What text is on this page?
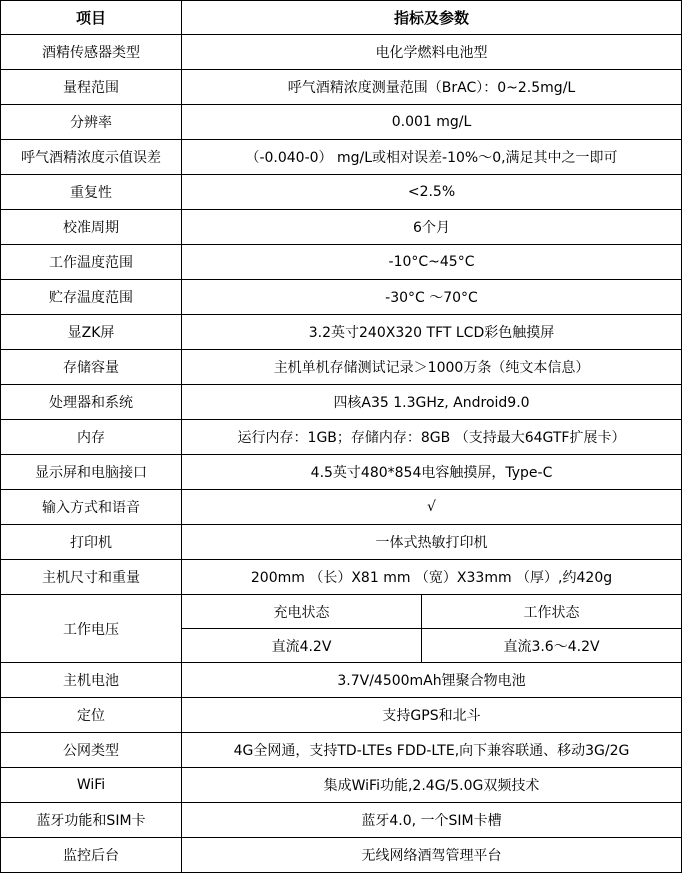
项目	指标及参数	
酒精传感器类型	电化学燃料电池型	
量程范围	呼气酒精浓度测量范围（BrAC）：0~2.5mg/L	
分辨率	0.001 mg/L	
呼气酒精浓度示值误差	（-0.040-0） mg/L或相对误差-10%〜0,满足其中之一即可	
重复性	<2.5%	
校准周期	6个月	
工作温度范围	-10°C~45°C	
贮存温度范围	-30°C 〜70°C	
显ZK屏	3.2英寸240X320 TFT LCD彩色触摸屏	
存储容量	主机单机存储测试记录＞1000万条（纯文本信息）	
处理器和系统	四核A35 1.3GHz, Android9.0	
内存	运行内存：1GB；存储内存：8GB （支持最大64GTF扩展卡）	
显示屏和电脑接口	4.5英寸480*854电容触摸屏，Type-C	
输入方式和语音	√	
打印机	一体式热敏打印机	
主机尺寸和重量	200mm （长）X81 mm （宽）X33mm （厚）,约420g	
工作电压	充电状态	工作状态
	直流4.2V	直流3.6〜4.2V
主机电池	3.7V/4500mAh锂聚合物电池	
定位	支持GPS和北斗	
公网类型	4G全网通，支持TD-LTEs FDD-LTE,向下兼容联通、移动3G/2G	
WiFi	集成WiFi功能,2.4G/5.0G双频技术	
蓝牙功能和SIM卡	蓝牙4.0, 一个SIM卡槽	
监控后台	无线网络酒驾管理平台	
